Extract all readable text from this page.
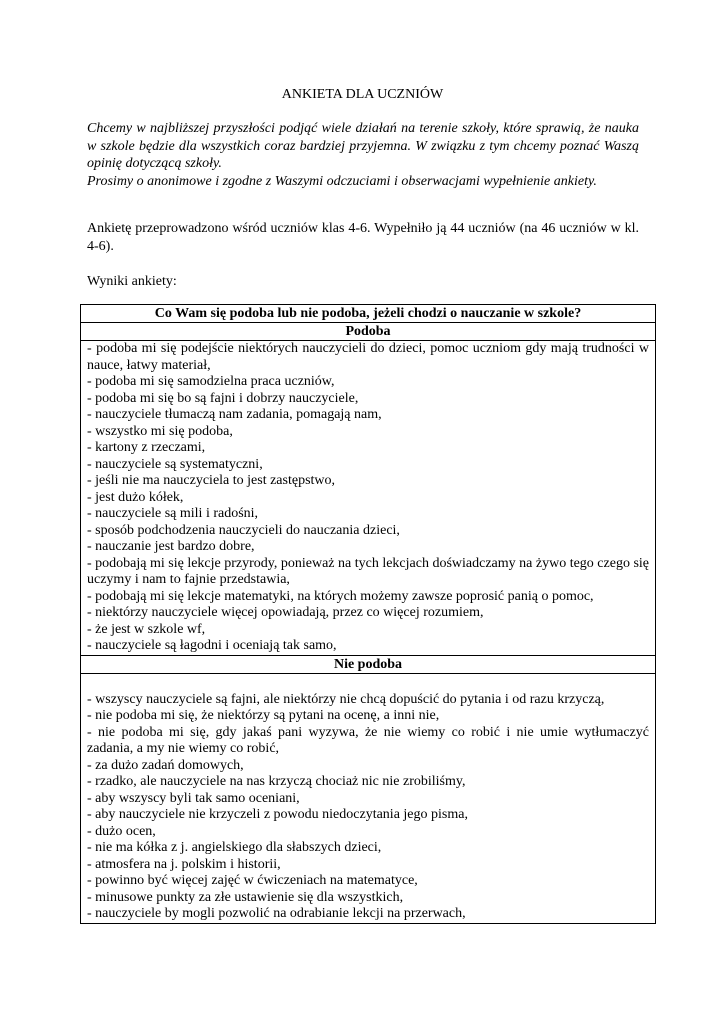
ANKIETA DLA UCZNIÓW

Chcemy w najbliższej przyszłości podjąć wiele działań na terenie szkoły, które sprawią, że nauka w szkole będzie dla wszystkich coraz bardziej przyjemna. W związku z tym chcemy poznać Waszą opinię dotyczącą szkoły.

Prosimy o anonimowe i zgodne z Waszymi odczuciami i obserwacjami wypełnienie ankiety.

Ankietę przeprowadzono wśród uczniów klas 4-6. Wypełniło ją 44 uczniów (na 46 uczniów w kl. 4-6).

Wyniki ankiety:
Co Wam się podoba lub nie podoba, jeżeli chodzi o nauczanie w szkole?
Podoba

- podoba mi się podejście niektórych nauczycieli do dzieci, pomoc uczniom gdy mają trudności w nauce, łatwy materiał,
- podoba mi się samodzielna praca uczniów,
- podoba mi się bo są fajni i dobrzy nauczyciele,
- nauczyciele tłumaczą nam zadania, pomagają nam,
- wszystko mi się podoba,
- kartony z rzeczami,
- nauczyciele są systematyczni,
- jeśli nie ma nauczyciela to jest zastępstwo,
- jest dużo kółek,
- nauczyciele są mili i radośni,
- sposób podchodzenia nauczycieli do nauczania dzieci,
- nauczanie jest bardzo dobre,
- podobają mi się lekcje przyrody, ponieważ na tych lekcjach doświadczamy na żywo tego czego się uczymy i nam to fajnie przedstawia,
- podobają mi się lekcje matematyki, na których możemy zawsze poprosić panią o pomoc,
- niektórzy nauczyciele więcej opowiadają, przez co więcej rozumiem,
- że jest w szkole wf,
- nauczyciele są łagodni i oceniają tak samo,

Nie podoba

- wszyscy nauczyciele są fajni, ale niektórzy nie chcą dopuścić do pytania i od razu krzyczą,
- nie podoba mi się, że niektórzy są pytani na ocenę, a inni nie,
- nie podoba mi się, gdy jakaś pani wyzywa, że nie wiemy co robić i nie umie wytłumaczyć zadania, a my nie wiemy co robić,
- za dużo zadań domowych,
- rzadko, ale nauczyciele na nas krzyczą chociaż nic nie zrobiliśmy,
- aby wszyscy byli tak samo oceniani,
- aby nauczyciele nie krzyczeli z powodu niedoczytania jego pisma,
- dużo ocen,
- nie ma kółka z j. angielskiego dla słabszych dzieci,
- atmosfera na j. polskim i historii,
- powinno być więcej zajęć w ćwiczeniach na matematyce,
- minusowe punkty za złe ustawienie się dla wszystkich,
- nauczyciele by mogli pozwolić na odrabianie lekcji na przerwach,
